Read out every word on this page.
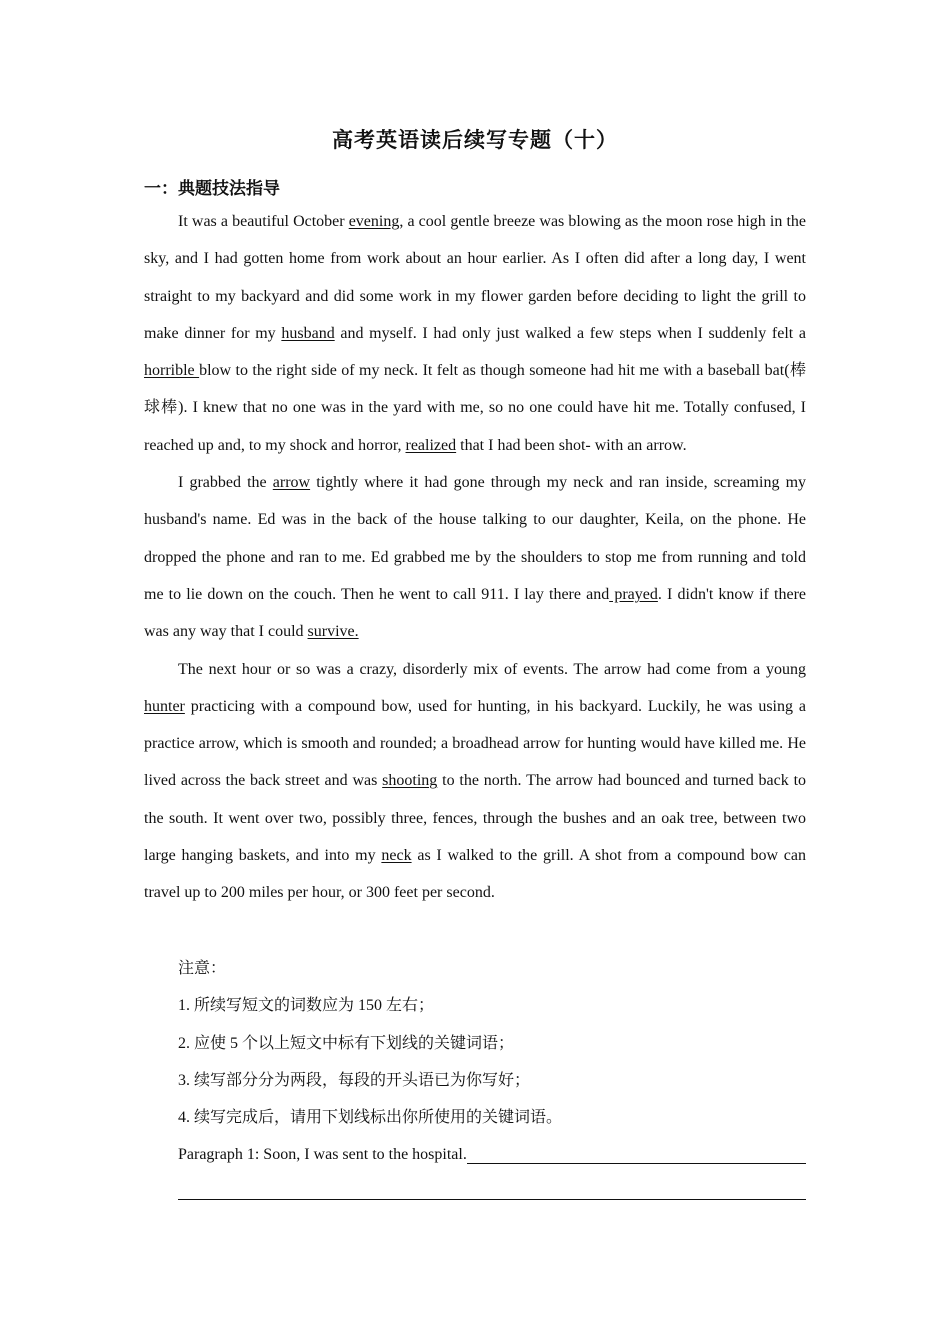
高考英语读后续写专题（十）
一：典题技法指导

It was a beautiful October evening, a cool gentle breeze was blowing as the moon rose high in the sky, and I had gotten home from work about an hour earlier. As I often did after a long day, I went straight to my backyard and did some work in my flower garden before deciding to light the grill to make dinner for my husband and myself. I had only just walked a few steps when I suddenly felt a horrible blow to the right side of my neck. It felt as though someone had hit me with a baseball bat(棒球棒). I knew that no one was in the yard with me, so no one could have hit me. Totally confused, I reached up and, to my shock and horror, realized that I had been shot- with an arrow.

I grabbed the arrow tightly where it had gone through my neck and ran inside, screaming my husband's name. Ed was in the back of the house talking to our daughter, Keila, on the phone. He dropped the phone and ran to me. Ed grabbed me by the shoulders to stop me from running and told me to lie down on the couch. Then he went to call 911. I lay there and prayed. I didn't know if there was any way that I could survive.

The next hour or so was a crazy, disorderly mix of events. The arrow had come from a young hunter practicing with a compound bow, used for hunting, in his backyard. Luckily, he was using a practice arrow, which is smooth and rounded; a broadhead arrow for hunting would have killed me. He lived across the back street and was shooting to the north. The arrow had bounced and turned back to the south. It went over two, possibly three, fences, through the bushes and an oak tree, between two large hanging baskets, and into my neck as I walked to the grill. A shot from a compound bow can travel up to 200 miles per hour, or 300 feet per second.

注意：
1. 所续写短文的词数应为 150 左右；
2. 应使 5 个以上短文中标有下划线的关键词语；
3. 续写部分分为两段，每段的开头语已为你写好；
4. 续写完成后，请用下划线标出你所使用的关键词语。
Paragraph 1: Soon, I was sent to the hospital.
